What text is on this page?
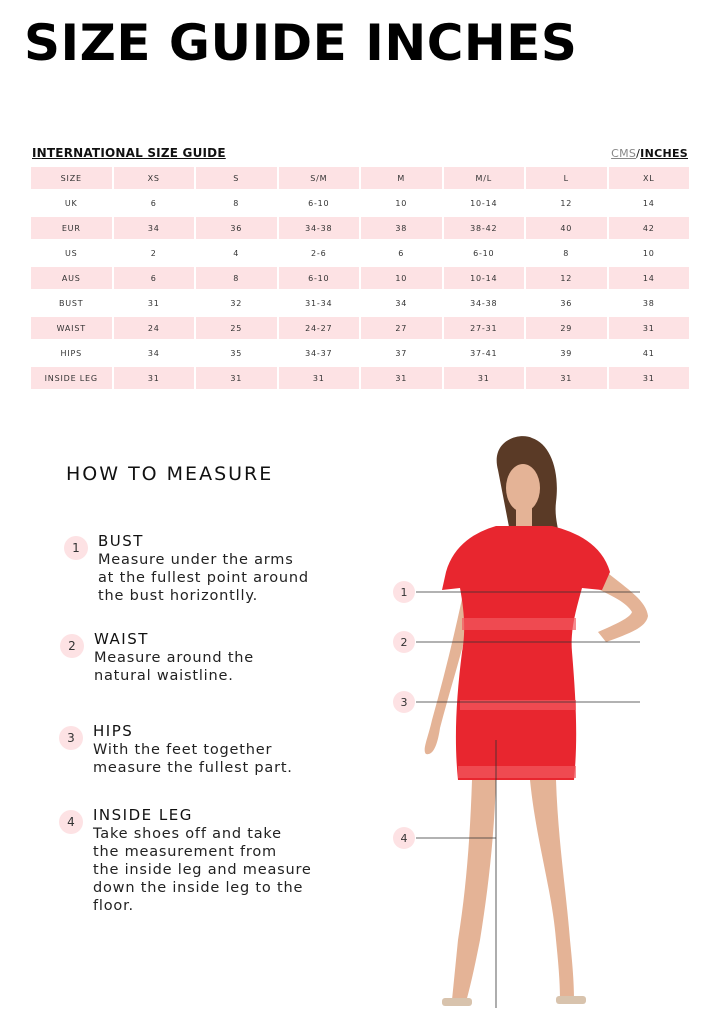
SIZE GUIDE INCHES
INTERNATIONAL SIZE GUIDE	CMS/INCHES
SIZE	XS	S	S/M	M	M/L	L	XL
UK	6	8	6-10	10	10-14	12	14
EUR	34	36	34-38	38	38-42	40	42
US	2	4	2-6	6	6-10	8	10
AUS	6	8	6-10	10	10-14	12	14
BUST	31	32	31-34	34	34-38	36	38
WAIST	24	25	24-27	27	27-31	29	31
HIPS	34	35	34-37	37	37-41	39	41
INSIDE LEG	31	31	31	31	31	31	31
HOW TO MEASURE
1	BUST
Measure under the arms
at the fullest point around
the bust horizontlly.
2	WAIST
Measure around the
natural waistline.
3	HIPS
With the feet together
measure the fullest part.
4	INSIDE LEG
Take shoes off and take
the measurement from
the inside leg and measure
down the inside leg to the
floor.
1
2
3
4
